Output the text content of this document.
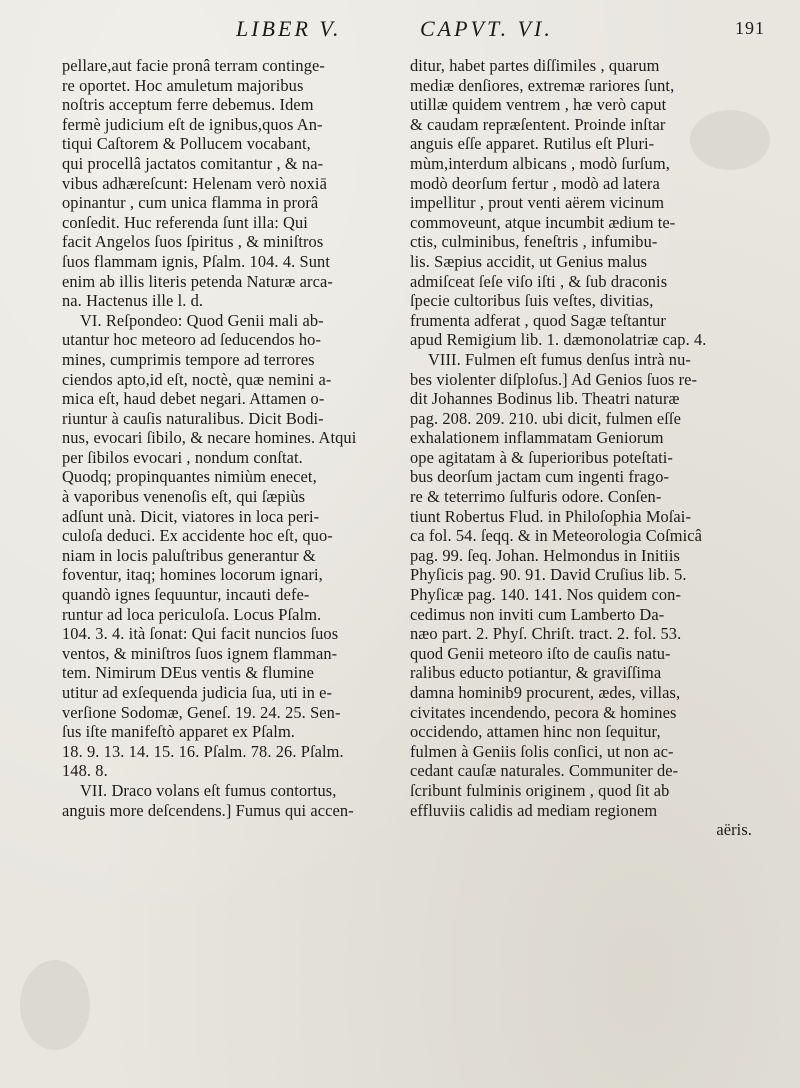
LIBER V.	CAPVT. VI.	191
pellare,aut facie pronâ terram continge-
re oportet. Hoc amuletum majoribus
noſtris acceptum ferre debemus. Idem
fermè judicium eſt de ignibus,quos An-
tiqui Caſtorem & Pollucem vocabant,
qui procellâ jactatos comitantur , & na-
vibus adhæreſcunt: Helenam verò noxiā
opinantur , cum unica flamma in prorâ
conſedit. Huc referenda ſunt illa: Qui
facit Angelos ſuos ſpiritus , & miniſtros
ſuos flammam ignis, Pſalm. 104. 4. Sunt
enim ab illis literis petenda Naturæ arca-
na. Hactenus ille l. d.
VI. Reſpondeo: Quod Genii mali ab-
utantur hoc meteoro ad ſeducendos ho-
mines, cumprimis tempore ad terrores
ciendos apto,id eſt, noctè, quæ nemini a-
mica eſt, haud debet negari. Attamen o-
riuntur à cauſis naturalibus. Dicit Bodi-
nus, evocari ſibilo, & necare homines. Atqui
per ſibilos evocari , nondum conſtat.
Quodq; propinquantes nimiùm enecet,
à vaporibus venenoſis eſt, qui ſæpiùs
adſunt unà. Dicit, viatores in loca peri-
culoſa deduci. Ex accidente hoc eſt, quo-
niam in locis paluſtribus generantur &
foventur, itaq; homines locorum ignari,
quandò ignes ſequuntur, incauti defe-
runtur ad loca periculoſa. Locus Pſalm.
104. 3. 4. ità ſonat: Qui facit nuncios ſuos
ventos, & miniſtros ſuos ignem flamman-
tem. Nimirum DEus ventis & flumine
utitur ad exſequenda judicia ſua, uti in e-
verſione Sodomæ, Geneſ. 19. 24. 25. Sen-
ſus iſte manifeſtò apparet ex Pſalm.
18. 9. 13. 14. 15. 16. Pſalm. 78. 26. Pſalm.
148. 8.
VII. Draco volans eſt fumus contortus,
anguis more deſcendens.] Fumus qui accen-
ditur, habet partes diſſimiles , quarum
mediæ denſiores, extremæ rariores ſunt,
utillæ quidem ventrem , hæ verò caput
& caudam repræſentent. Proinde inſtar
anguis eſſe apparet. Rutilus eſt Pluri-
mùm,interdum albicans , modò ſurſum,
modò deorſum fertur , modò ad latera
impellitur , prout venti aërem vicinum
commoveunt, atque incumbit ædium te-
ctis, culminibus, feneſtris , infumibu-
lis. Sæpius accidit, ut Genius malus
admiſceat ſeſe viſo iſti , & ſub draconis
ſpecie cultoribus ſuis veſtes, divitias,
frumenta adferat , quod Sagæ teſtantur
apud Remigium lib. 1. dæmonolatriæ cap. 4.
VIII. Fulmen eſt fumus denſus intrà nu-
bes violenter diſploſus.] Ad Genios ſuos re-
dit Johannes Bodinus lib. Theatri naturæ
pag. 208. 209. 210. ubi dicit, fulmen eſſe
exhalationem inflammatam Geniorum
ope agitatam à & ſuperioribus poteſtati-
bus deorſum jactam cum ingenti frago-
re & teterrimo ſulfuris odore. Conſen-
tiunt Robertus Flud. in Philoſophia Moſai-
ca fol. 54. ſeqq. & in Meteorologia Coſmicâ
pag. 99. ſeq. Johan. Helmondus in Initiis
Phyſicis pag. 90. 91. David Cruſius lib. 5.
Phyſicæ pag. 140. 141. Nos quidem con-
cedimus non inviti cum Lamberto Da-
næo part. 2. Phyſ. Chriſt. tract. 2. fol. 53.
quod Genii meteoro iſto de cauſis natu-
ralibus educto potiantur, & graviſſima
damna hominib9 procurent, ædes, villas,
civitates incendendo, pecora & homines
occidendo, attamen hinc non ſequitur,
fulmen à Geniis ſolis conſici, ut non ac-
cedant cauſæ naturales. Communiter de-
ſcribunt fulminis originem , quod ſit ab
effluviis calidis ad mediam regionem
aëris.
